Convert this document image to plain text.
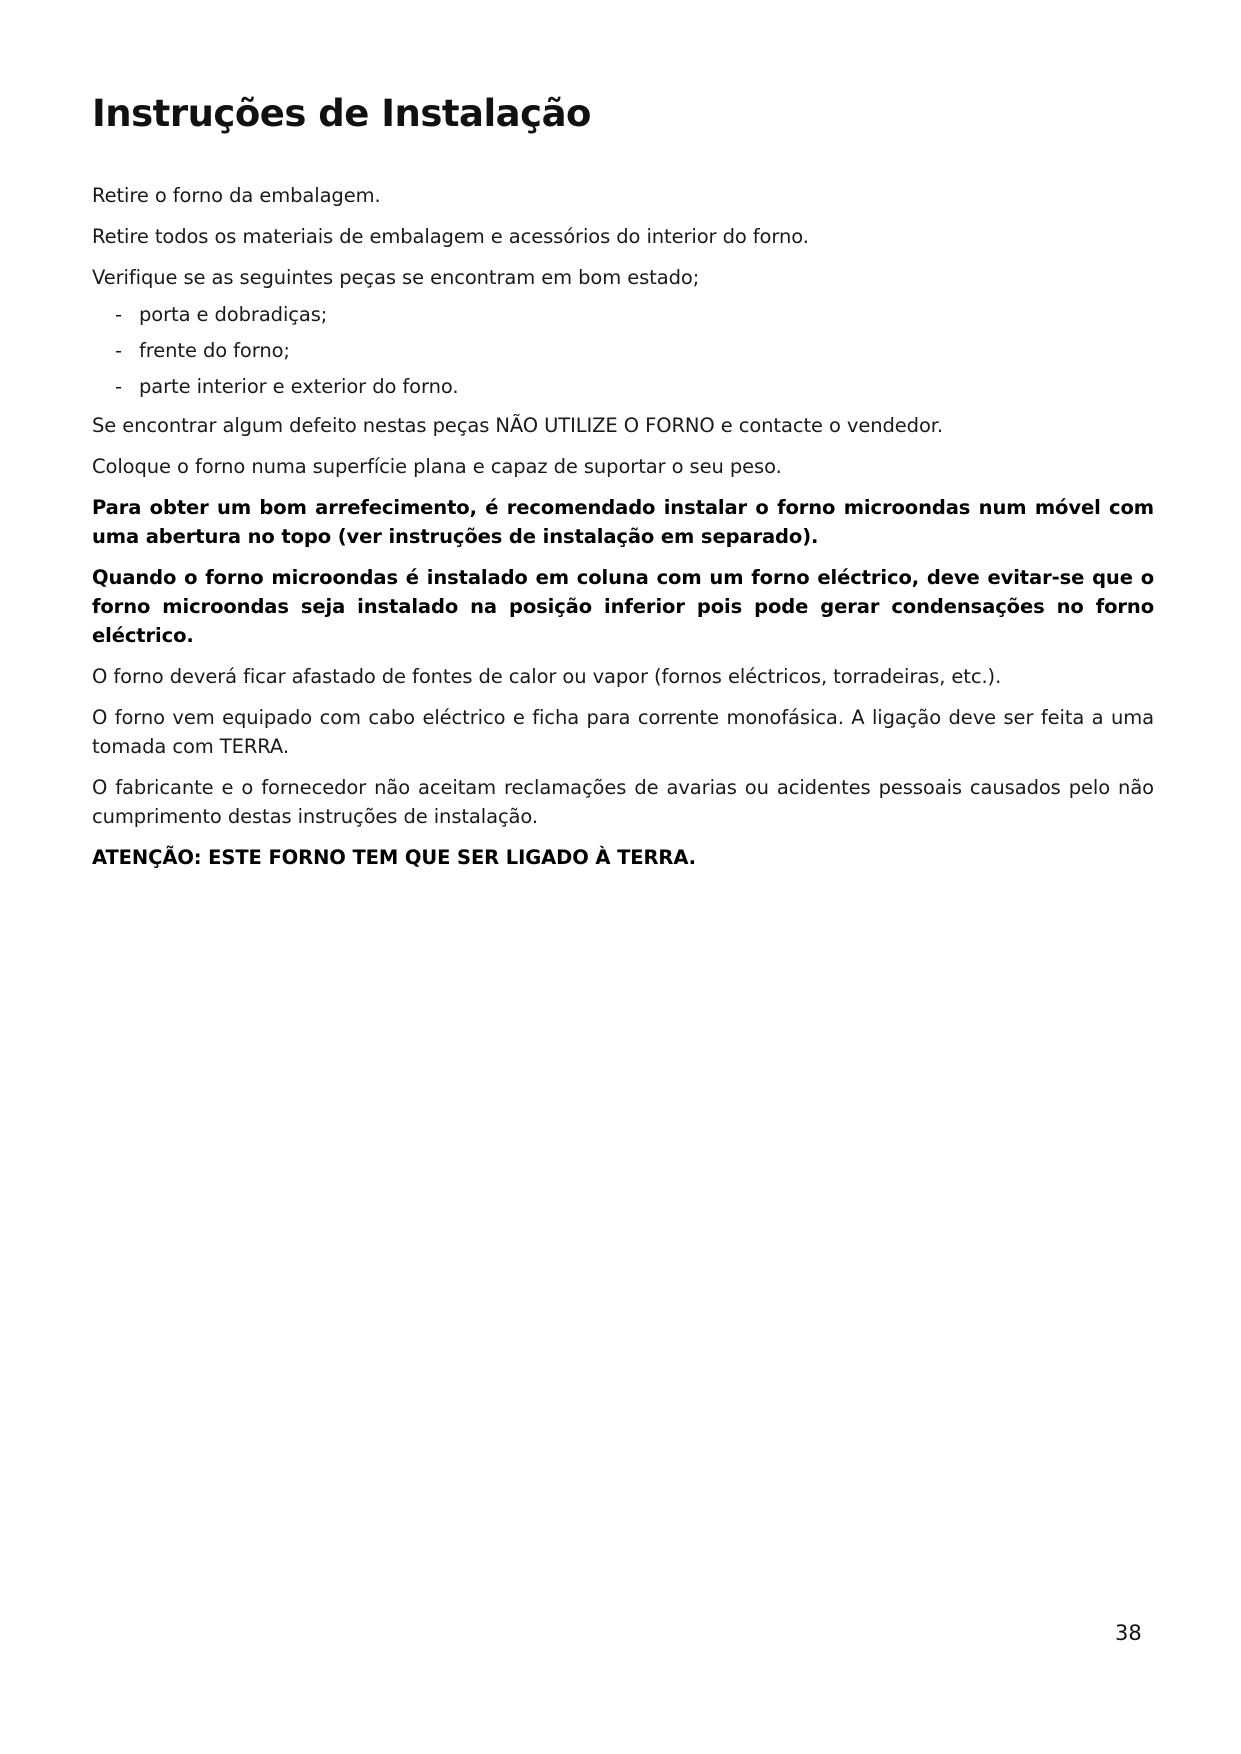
Instruções de Instalação

Retire o forno da embalagem.

Retire todos os materiais de embalagem e acessórios do interior do forno.

Verifique se as seguintes peças se encontram em bom estado;

- porta e dobradiças;
- frente do forno;
- parte interior e exterior do forno.

Se encontrar algum defeito nestas peças NÃO UTILIZE O FORNO e contacte o vendedor.

Coloque o forno numa superfície plana e capaz de suportar o seu peso.

Para obter um bom arrefecimento, é recomendado instalar o forno microondas num móvel com uma abertura no topo (ver instruções de instalação em separado).

Quando o forno microondas é instalado em coluna com um forno eléctrico, deve evitar-se que o forno microondas seja instalado na posição inferior pois pode gerar condensações no forno eléctrico.

O forno deverá ficar afastado de fontes de calor ou vapor (fornos eléctricos, torradeiras, etc.).

O forno vem equipado com cabo eléctrico e ficha para corrente monofásica. A ligação deve ser feita a uma tomada com TERRA.

O fabricante e o fornecedor não aceitam reclamações de avarias ou acidentes pessoais causados pelo não cumprimento destas instruções de instalação.

ATENÇÃO: ESTE FORNO TEM QUE SER LIGADO À TERRA.

38
